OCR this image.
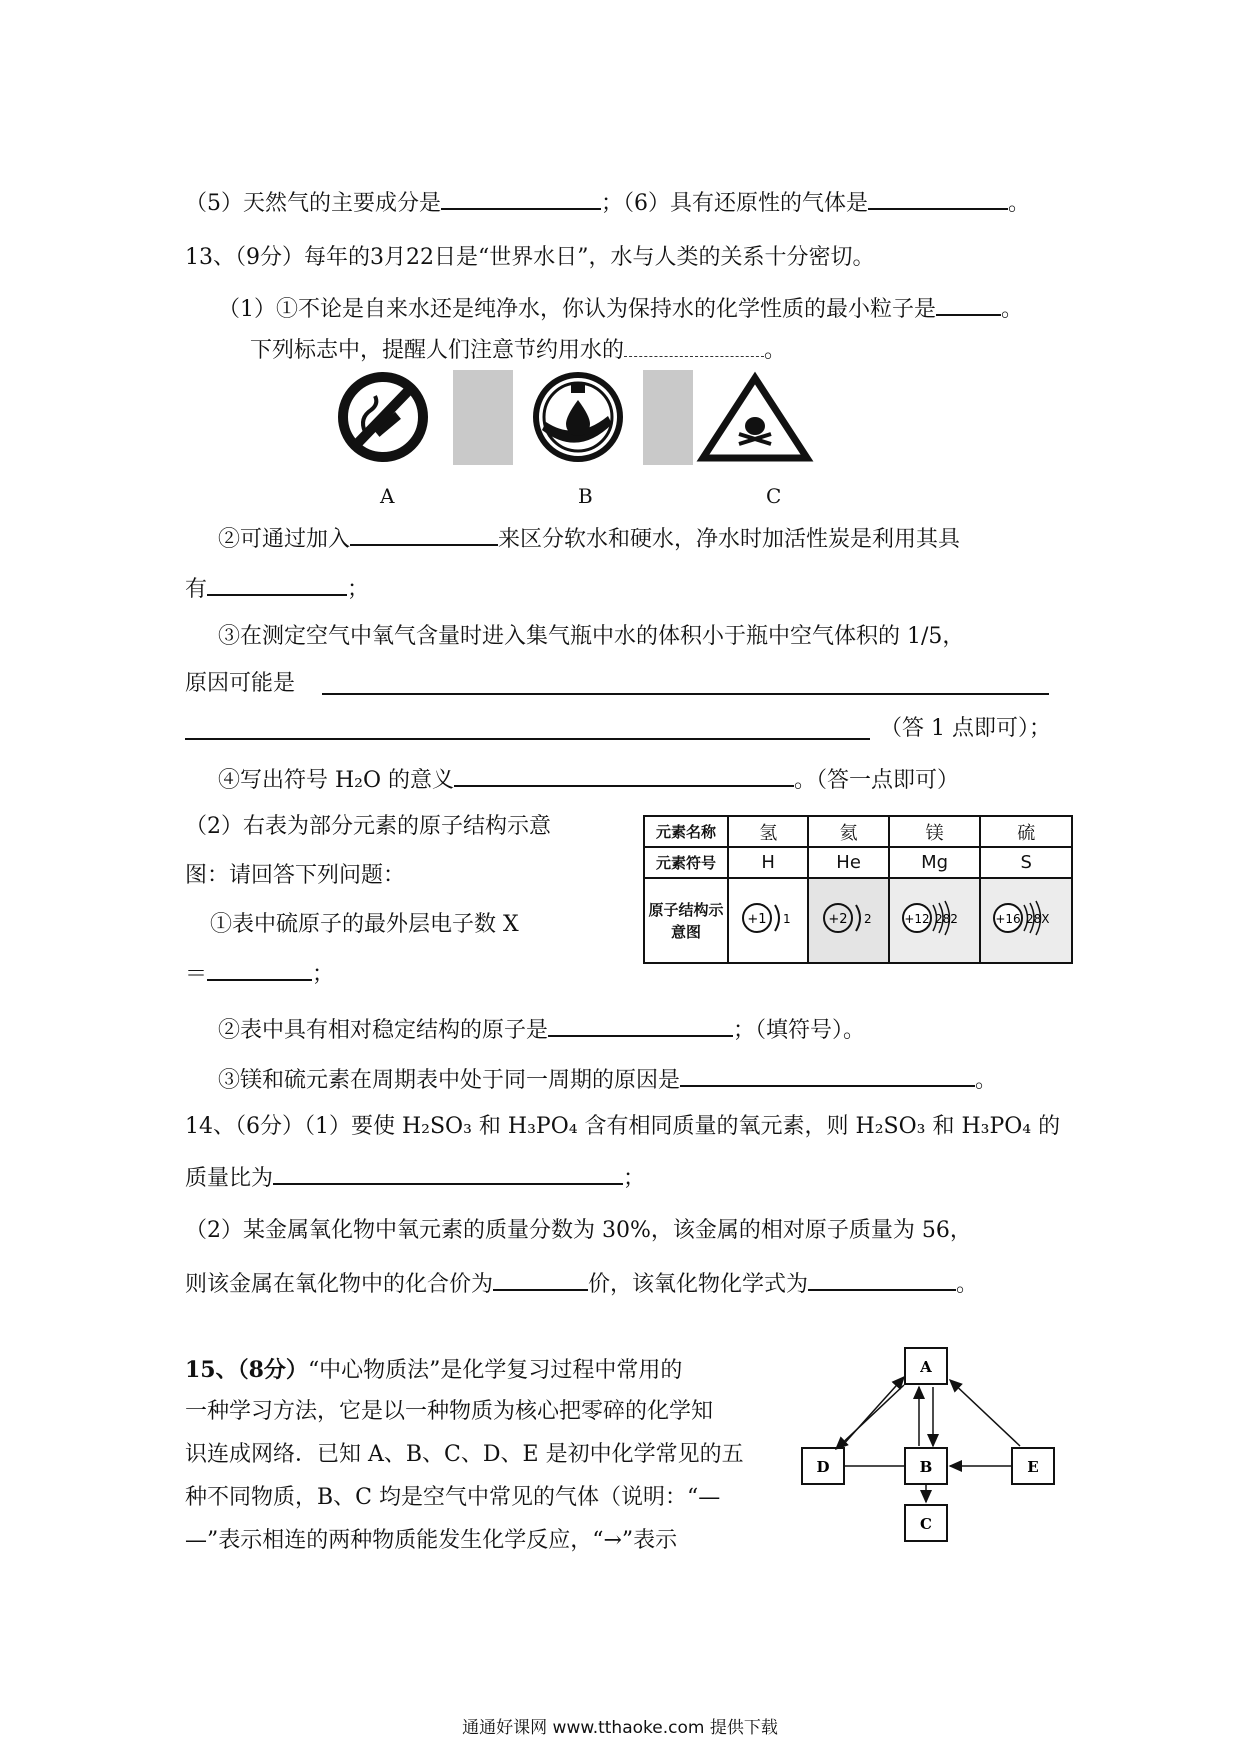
（5）天然气的主要成分是	；（6）具有还原性的气体是	。
13、（9分）每年的3月22日是“世界水日”，水与人类的关系十分密切。
（1）①不论是自来水还是纯净水，你认为保持水的化学性质的最小粒子是	。
下列标志中，提醒人们注意节约用水的	。
A	B	C
②可通过加入	来区分软水和硬水，净水时加活性炭是利用其具
有	；
③在测定空气中氧气含量时进入集气瓶中水的体积小于瓶中空气体积的 1/5，
原因可能是
（答 1 点即可）；
④写出符号 H₂O 的意义	。（答一点即可）
（2）右表为部分元素的原子结构示意
图：请回答下列问题：
①表中硫原子的最外层电子数 X
＝	；
元素名称	氢	氦	镁	硫
元素符号	H	He	Mg	S
原子结构示意图	+1 1	+2 2	+12 282	+16 28X
②表中具有相对稳定结构的原子是	；（填符号）。
③镁和硫元素在周期表中处于同一周期的原因是	。
14、（6分）（1）要使 H₂SO₃ 和 H₃PO₄ 含有相同质量的氧元素，则 H₂SO₃ 和 H₃PO₄ 的
质量比为	；
（2）某金属氧化物中氧元素的质量分数为 30%，该金属的相对原子质量为 56，
则该金属在氧化物中的化合价为	价，该氧化物化学式为	。
15、（8分）“中心物质法”是化学复习过程中常用的
一种学习方法，它是以一种物质为核心把零碎的化学知
识连成网络．已知 A、B、C、D、E 是初中化学常见的五
种不同物质，B、C 均是空气中常见的气体（说明：“—
—”表示相连的两种物质能发生化学反应，“→”表示
A
B
C
D	E
通通好课网 www.tthaoke.com 提供下载
